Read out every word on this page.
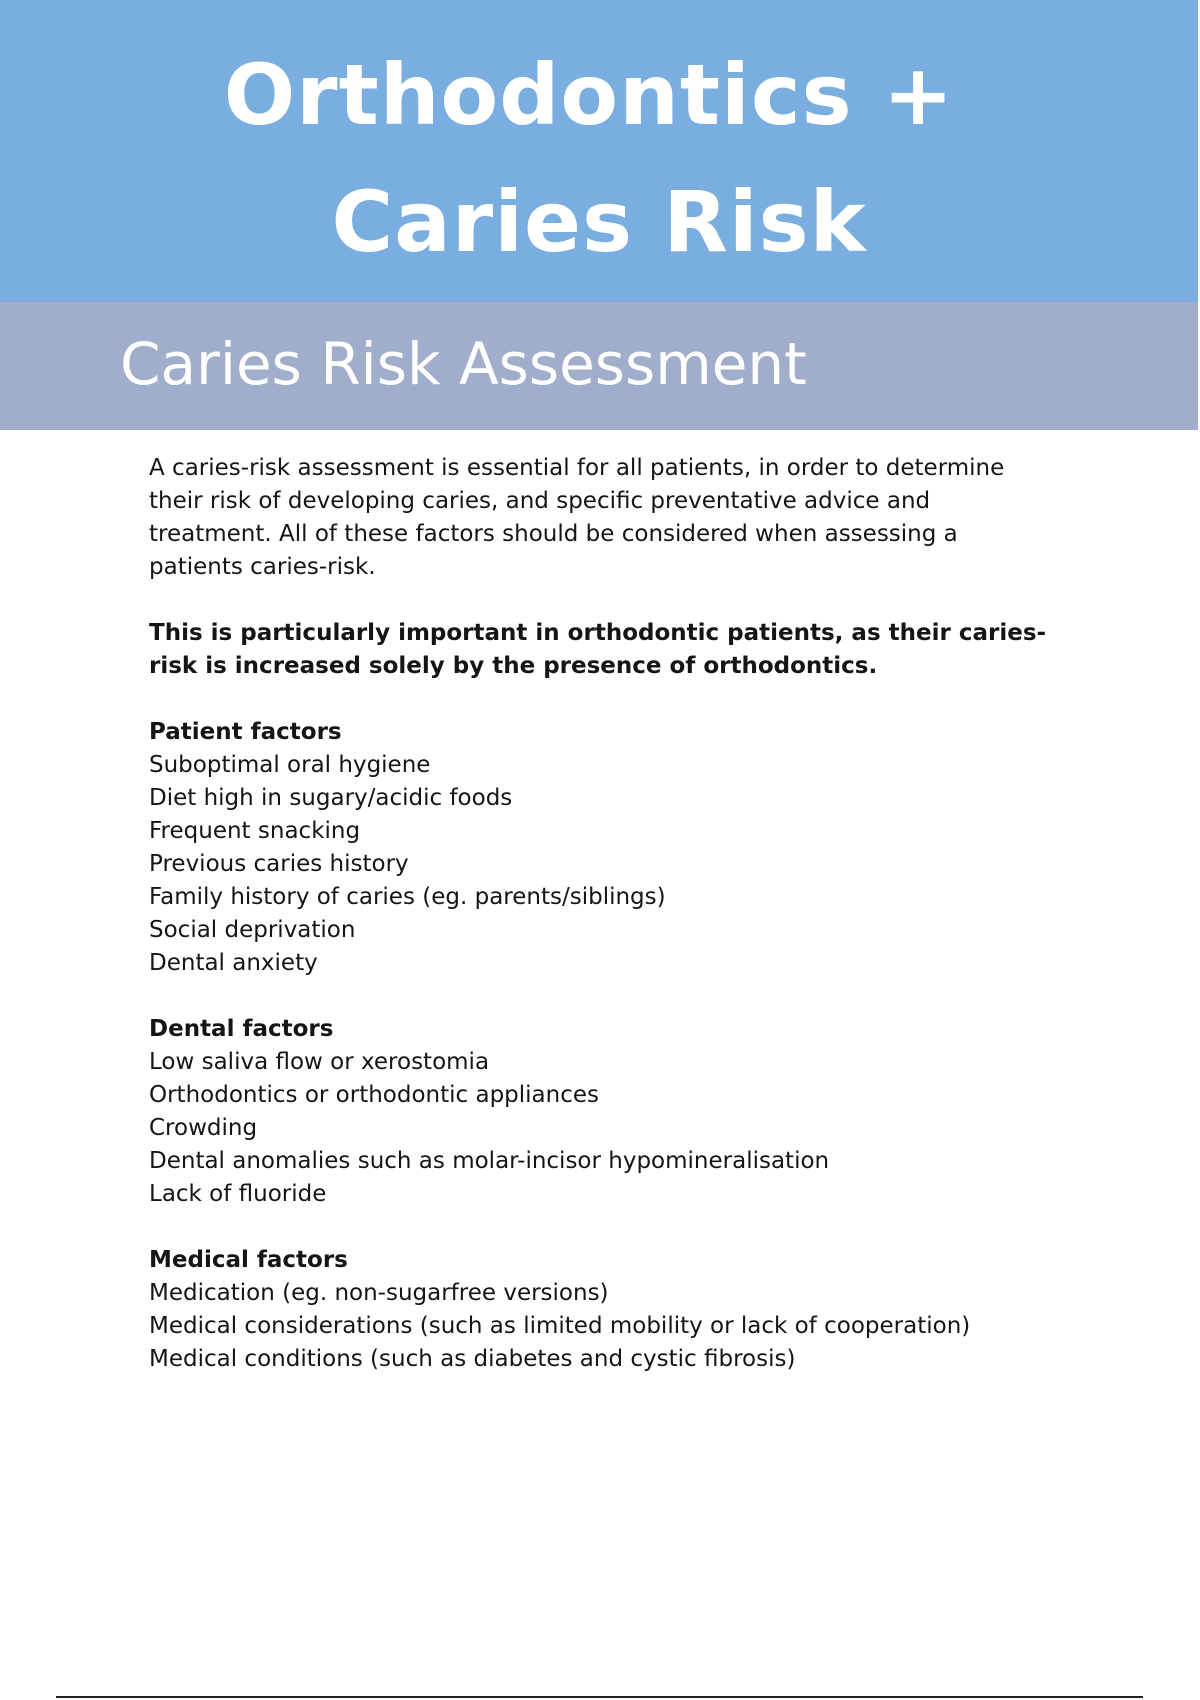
Orthodontics +
Caries Risk
Caries Risk Assessment

A caries-risk assessment is essential for all patients, in order to determine their risk of developing caries, and specific preventative advice and treatment. All of these factors should be considered when assessing a patients caries-risk.

This is particularly important in orthodontic patients, as their caries-risk is increased solely by the presence of orthodontics.

Patient factors
Suboptimal oral hygiene
Diet high in sugary/acidic foods
Frequent snacking
Previous caries history
Family history of caries (eg. parents/siblings)
Social deprivation
Dental anxiety
Dental factors
Low saliva flow or xerostomia
Orthodontics or orthodontic appliances
Crowding
Dental anomalies such as molar-incisor hypomineralisation
Lack of fluoride
Medical factors
Medication (eg. non-sugarfree versions)
Medical considerations (such as limited mobility or lack of cooperation)
Medical conditions (such as diabetes and cystic fibrosis)
